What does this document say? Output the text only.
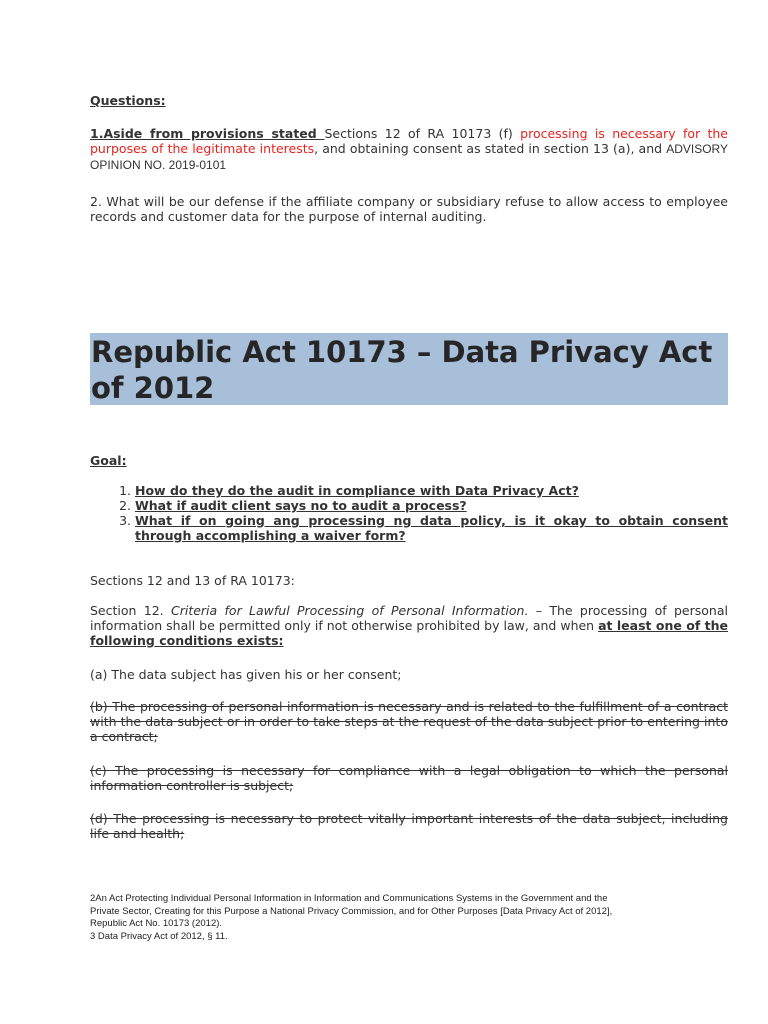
Questions:

1.Aside from provisions stated Sections 12 of RA 10173 (f) processing is necessary for the purposes of the legitimate interests, and obtaining consent as stated in section 13 (a), and ADVISORY OPINION NO. 2019-0101

2. What will be our defense if the affiliate company or subsidiary refuse to allow access to employee records and customer data for the purpose of internal auditing.

Republic Act 10173 – Data Privacy Act of 2012

Goal:

1. How do they do the audit in compliance with Data Privacy Act?
2. What if audit client says no to audit a process?
3. What if on going ang processing ng data policy, is it okay to obtain consent through accomplishing a waiver form?

Sections 12 and 13 of RA 10173:

Section 12. Criteria for Lawful Processing of Personal Information. – The processing of personal information shall be permitted only if not otherwise prohibited by law, and when at least one of the following conditions exists:

(a) The data subject has given his or her consent;

(b) The processing of personal information is necessary and is related to the fulfillment of a contract with the data subject or in order to take steps at the request of the data subject prior to entering into a contract;

(c) The processing is necessary for compliance with a legal obligation to which the personal information controller is subject;

(d) The processing is necessary to protect vitally important interests of the data subject, including life and health;

2An Act Protecting Individual Personal Information in Information and Communications Systems in the Government and the
Private Sector, Creating for this Purpose a National Privacy Commission, and for Other Purposes [Data Privacy Act of 2012],
Republic Act No. 10173 (2012).
3 Data Privacy Act of 2012, § 11.
